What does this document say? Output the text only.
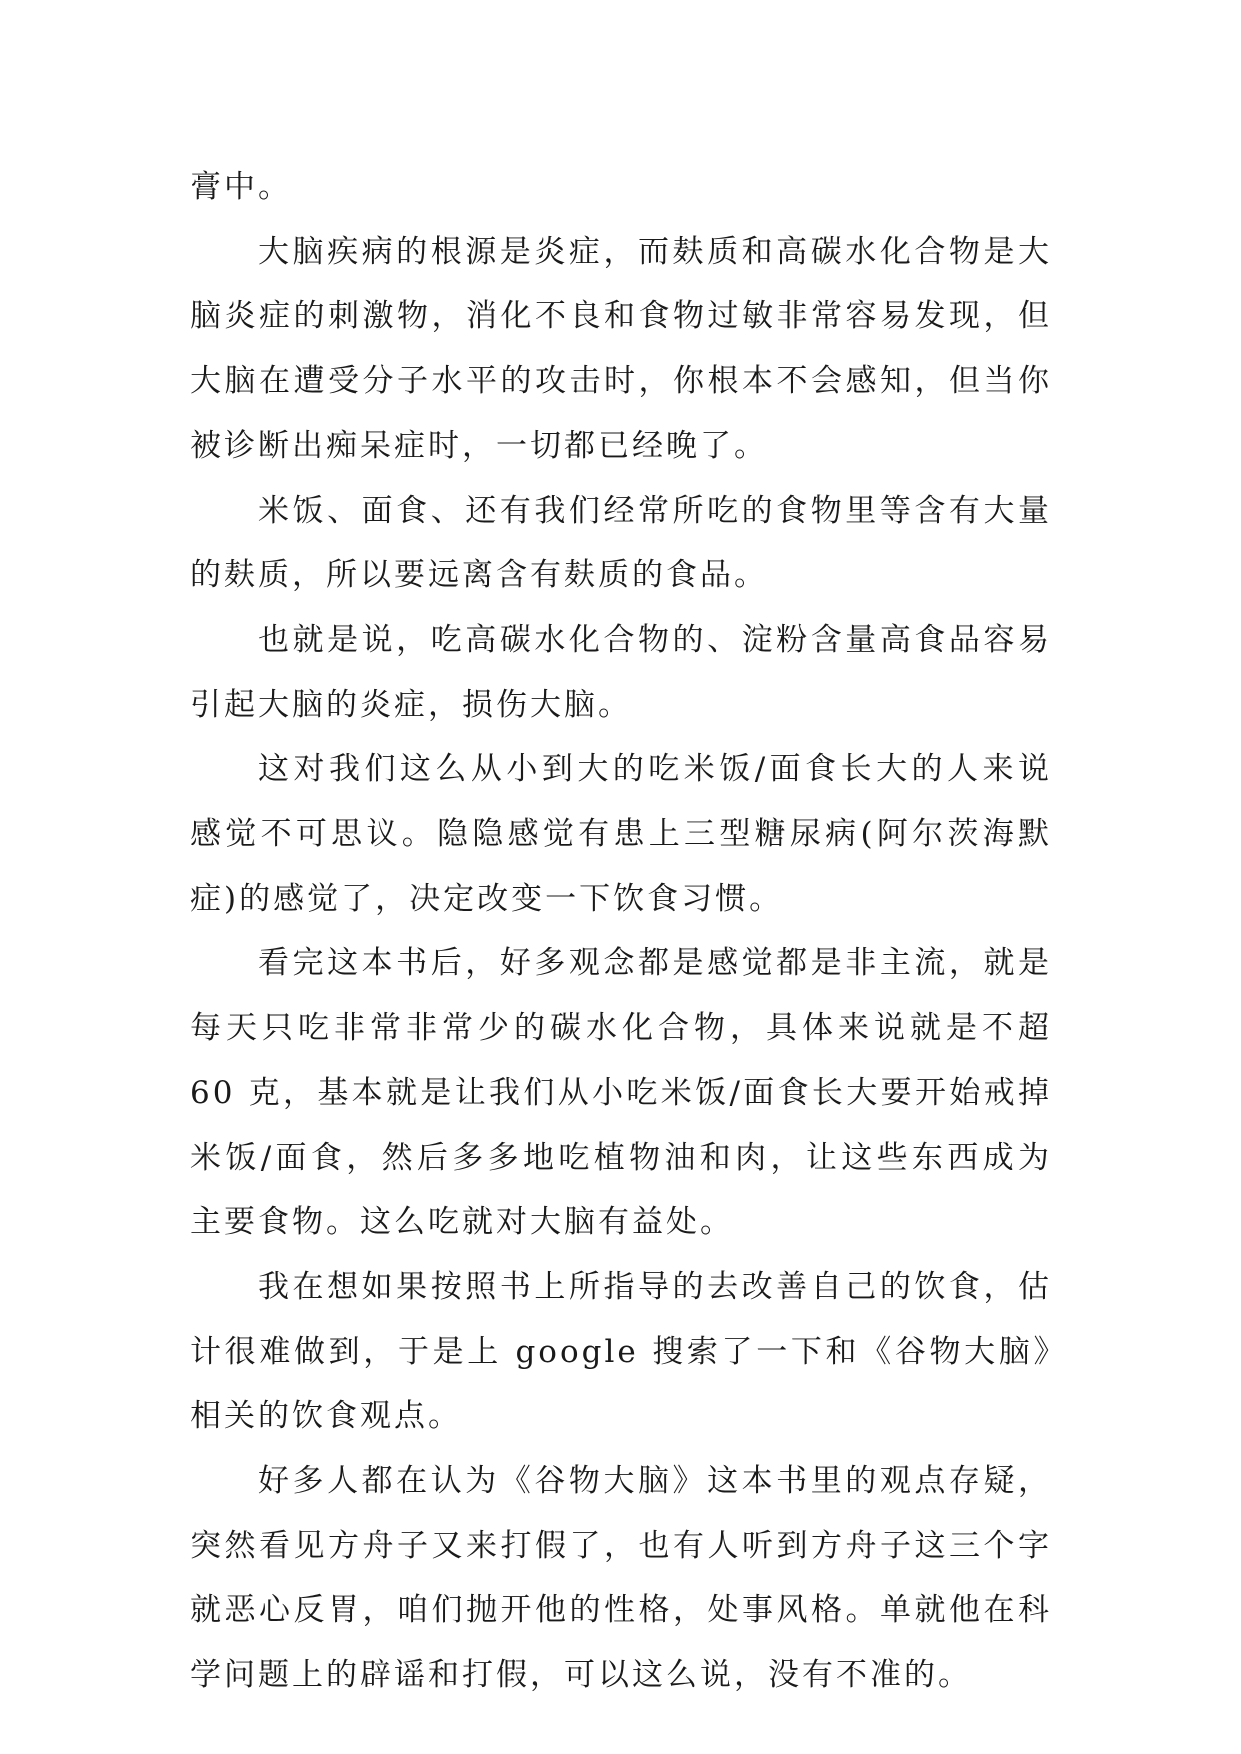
膏中。

大脑疾病的根源是炎症，而麸质和高碳水化合物是大脑炎症的刺激物，消化不良和食物过敏非常容易发现，但大脑在遭受分子水平的攻击时，你根本不会感知，但当你被诊断出痴呆症时，一切都已经晚了。

米饭、面食、还有我们经常所吃的食物里等含有大量的麸质，所以要远离含有麸质的食品。

也就是说，吃高碳水化合物的、淀粉含量高食品容易引起大脑的炎症，损伤大脑。

这对我们这么从小到大的吃米饭/面食长大的人来说感觉不可思议。隐隐感觉有患上三型糖尿病(阿尔茨海默症)的感觉了，决定改变一下饮食习惯。

看完这本书后，好多观念都是感觉都是非主流，就是每天只吃非常非常少的碳水化合物，具体来说就是不超 60 克，基本就是让我们从小吃米饭/面食长大要开始戒掉米饭/面食，然后多多地吃植物油和肉，让这些东西成为主要食物。这么吃就对大脑有益处。

我在想如果按照书上所指导的去改善自己的饮食，估计很难做到，于是上 google 搜索了一下和《谷物大脑》相关的饮食观点。

好多人都在认为《谷物大脑》这本书里的观点存疑，突然看见方舟子又来打假了，也有人听到方舟子这三个字就恶心反胃，咱们抛开他的性格，处事风格。单就他在科学问题上的辟谣和打假，可以这么说，没有不准的。
